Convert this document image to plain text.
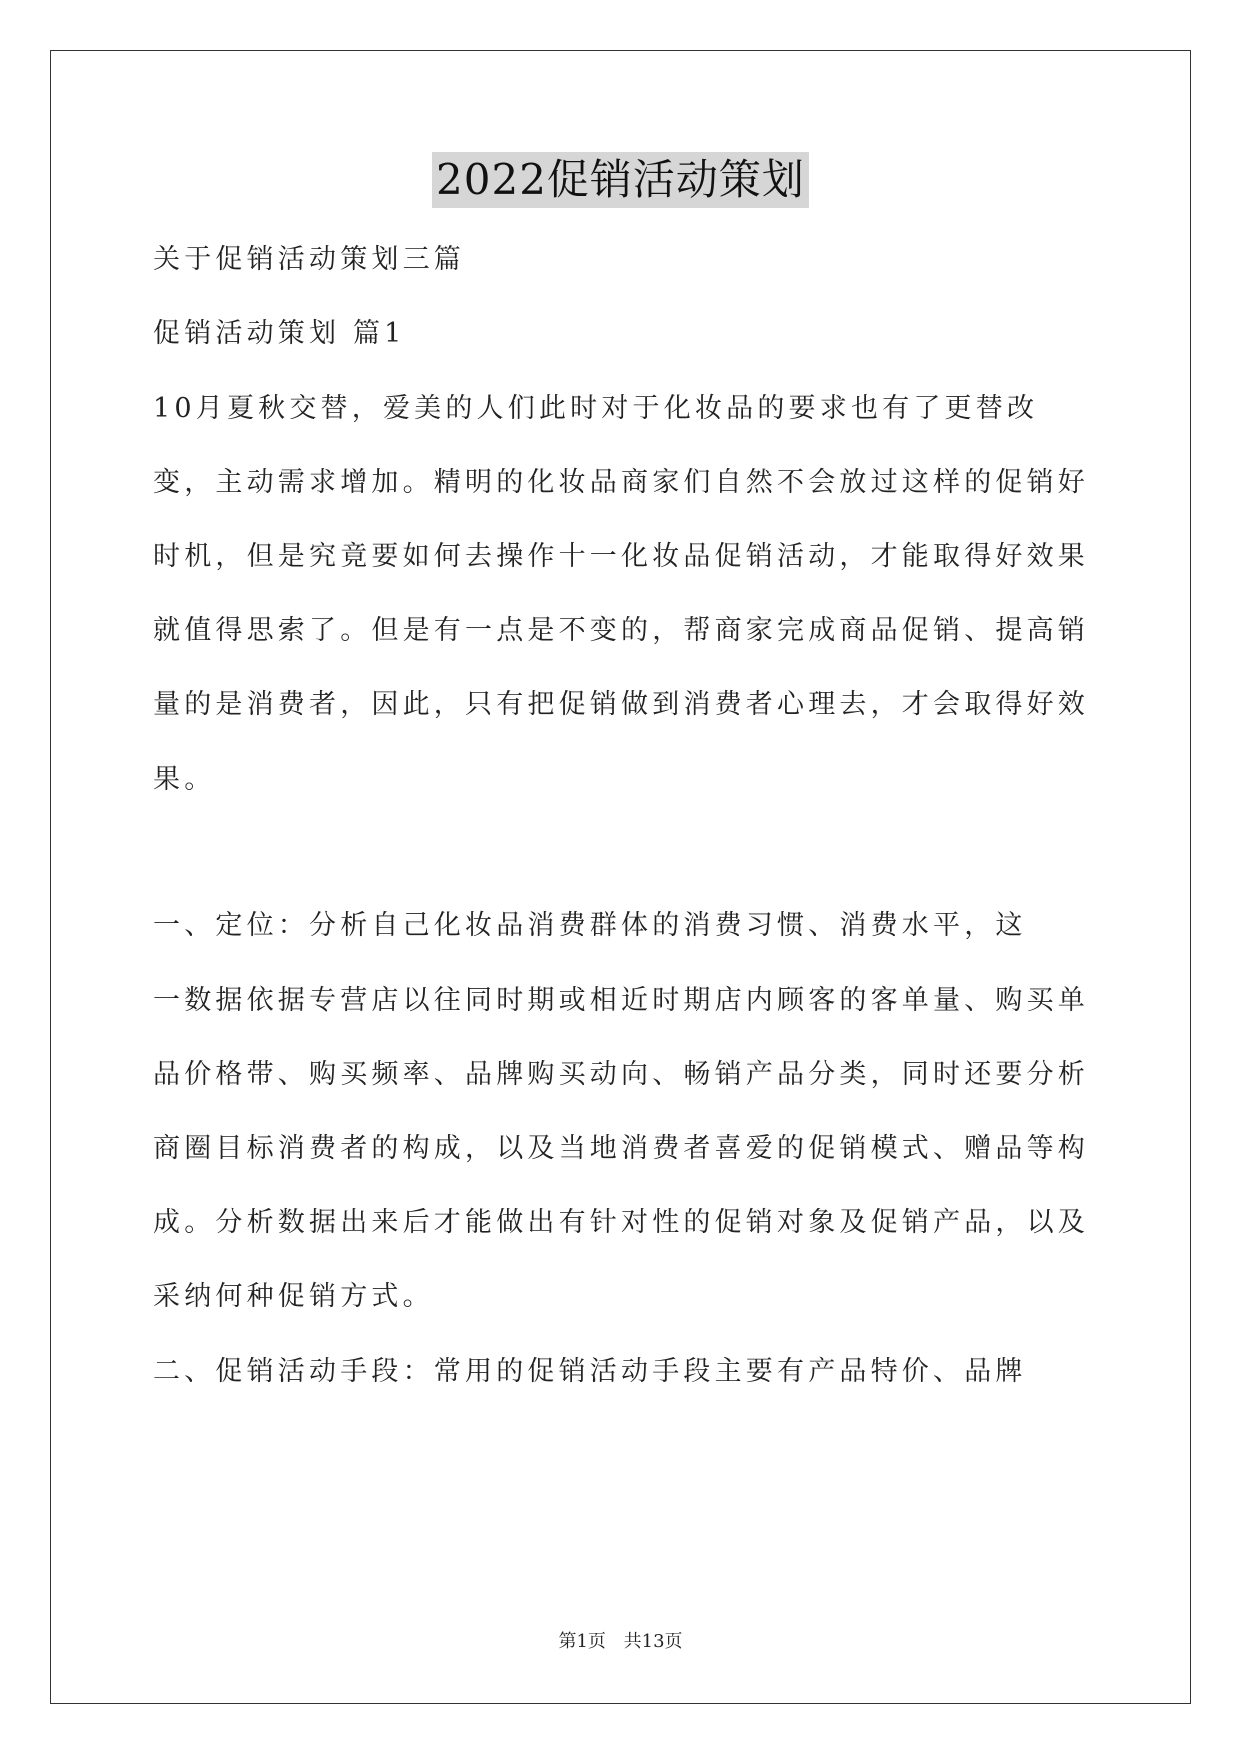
2022促销活动策划
关于促销活动策划三篇
促销活动策划 篇1
10月夏秋交替，爱美的人们此时对于化妆品的要求也有了更替改
变，主动需求增加。精明的化妆品商家们自然不会放过这样的促销好
时机，但是究竟要如何去操作十一化妆品促销活动，才能取得好效果
就值得思索了。但是有一点是不变的，帮商家完成商品促销、提高销
量的是消费者，因此，只有把促销做到消费者心理去，才会取得好效
果。
一、定位：分析自己化妆品消费群体的消费习惯、消费水平，这
一数据依据专营店以往同时期或相近时期店内顾客的客单量、购买单
品价格带、购买频率、品牌购买动向、畅销产品分类，同时还要分析
商圈目标消费者的构成，以及当地消费者喜爱的促销模式、赠品等构
成。分析数据出来后才能做出有针对性的促销对象及促销产品，以及
采纳何种促销方式。
二、促销活动手段：常用的促销活动手段主要有产品特价、品牌
第1页 共13页
